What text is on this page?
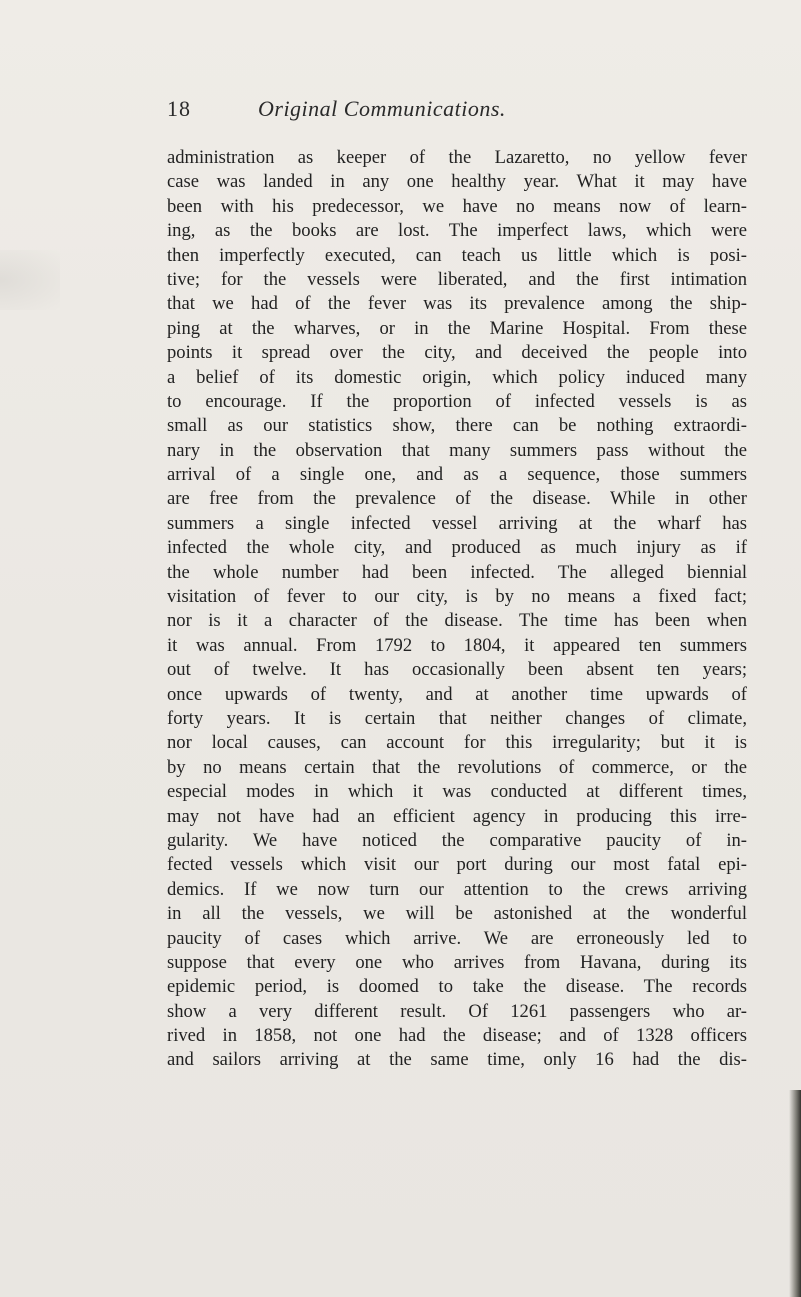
18	Original Communications.
administration as keeper of the Lazaretto, no yellow fever
case was landed in any one healthy year. What it may have
been with his predecessor, we have no means now of learn-
ing, as the books are lost. The imperfect laws, which were
then imperfectly executed, can teach us little which is posi-
tive; for the vessels were liberated, and the first intimation
that we had of the fever was its prevalence among the ship-
ping at the wharves, or in the Marine Hospital. From these
points it spread over the city, and deceived the people into
a belief of its domestic origin, which policy induced many
to encourage. If the proportion of infected vessels is as
small as our statistics show, there can be nothing extraordi-
nary in the observation that many summers pass without the
arrival of a single one, and as a sequence, those summers
are free from the prevalence of the disease. While in other
summers a single infected vessel arriving at the wharf has
infected the whole city, and produced as much injury as if
the whole number had been infected. The alleged biennial
visitation of fever to our city, is by no means a fixed fact;
nor is it a character of the disease. The time has been when
it was annual. From 1792 to 1804, it appeared ten summers
out of twelve. It has occasionally been absent ten years;
once upwards of twenty, and at another time upwards of
forty years. It is certain that neither changes of climate,
nor local causes, can account for this irregularity; but it is
by no means certain that the revolutions of commerce, or the
especial modes in which it was conducted at different times,
may not have had an efficient agency in producing this irre-
gularity. We have noticed the comparative paucity of in-
fected vessels which visit our port during our most fatal epi-
demics. If we now turn our attention to the crews arriving
in all the vessels, we will be astonished at the wonderful
paucity of cases which arrive. We are erroneously led to
suppose that every one who arrives from Havana, during its
epidemic period, is doomed to take the disease. The records
show a very different result. Of 1261 passengers who ar-
rived in 1858, not one had the disease; and of 1328 officers
and sailors arriving at the same time, only 16 had the dis-
